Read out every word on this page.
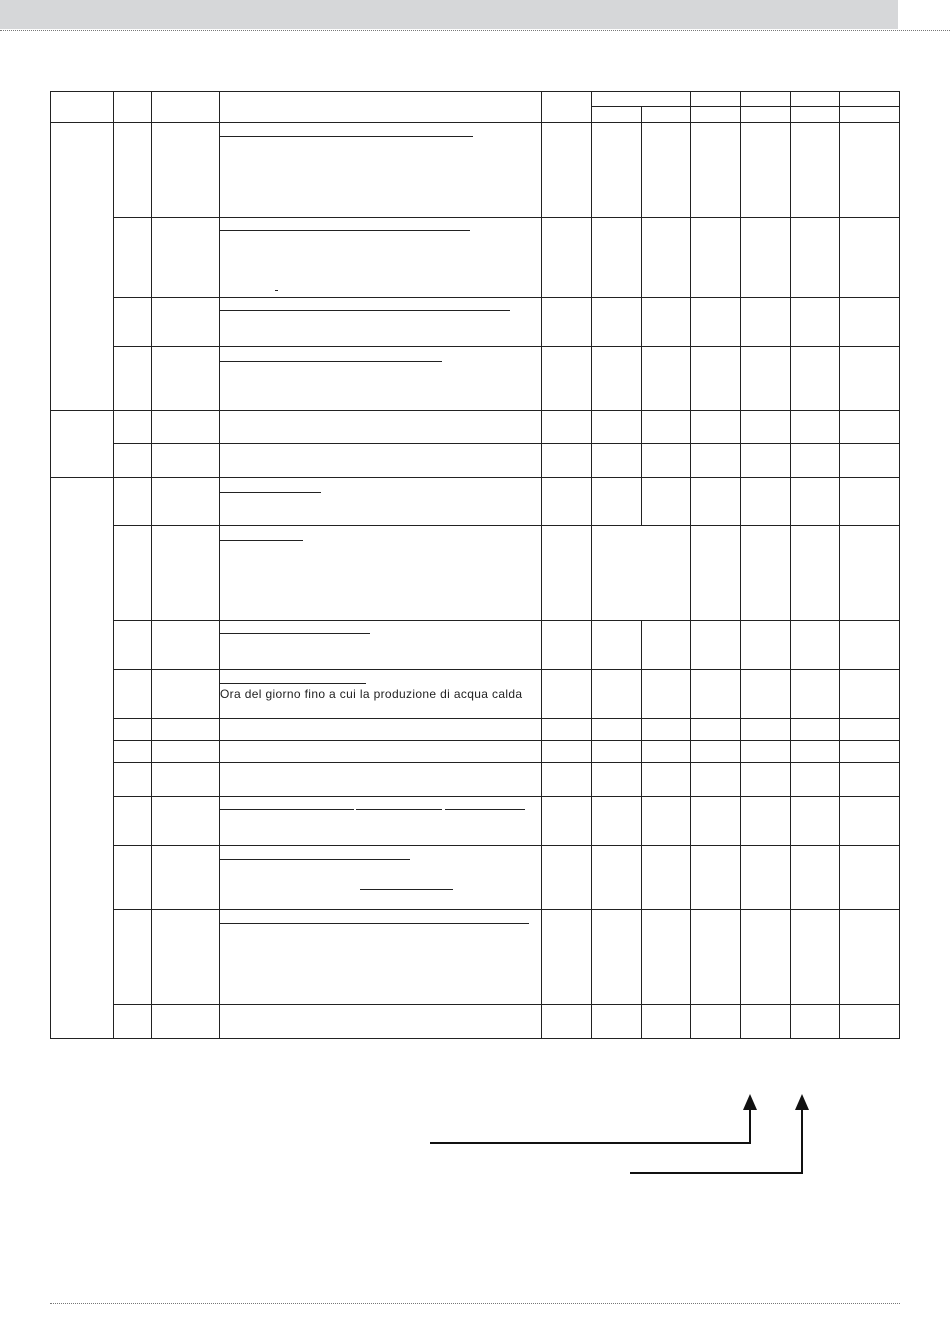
			Ora del giorno fino a cui la produzione di acqua calda							
